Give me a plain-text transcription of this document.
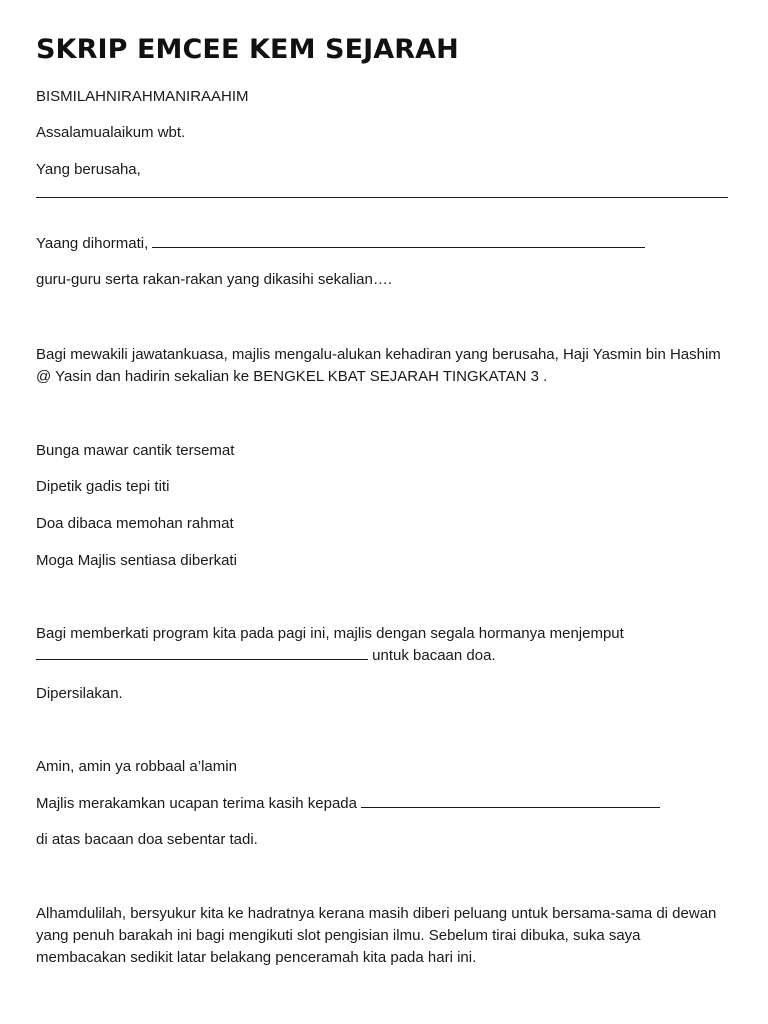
SKRIP EMCEE KEM SEJARAH

BISMILAHNIRAHMANIRAAHIM

Assalamualaikum wbt.

Yang berusaha,

Yaang dihormati,

guru-guru serta rakan-rakan yang dikasihi sekalian….

Bagi mewakili jawatankuasa, majlis mengalu-alukan kehadiran yang berusaha, Haji Yasmin bin Hashim @ Yasin dan hadirin sekalian ke BENGKEL KBAT SEJARAH TINGKATAN 3 .

Bunga mawar cantik tersemat

Dipetik gadis tepi titi

Doa dibaca memohan rahmat

Moga Majlis sentiasa diberkati

Bagi memberkati program kita pada pagi ini, majlis dengan segala hormanya menjemput

untuk bacaan doa.

Dipersilakan.

Amin, amin ya robbaal a’lamin

Majlis merakamkan ucapan terima kasih kepada

di atas bacaan doa sebentar tadi.

Alhamdulilah, bersyukur kita ke hadratnya kerana masih diberi peluang untuk bersama-sama di dewan yang penuh barakah ini bagi mengikuti slot pengisian ilmu. Sebelum tirai dibuka, suka saya membacakan sedikit latar belakang penceramah kita pada hari ini.
